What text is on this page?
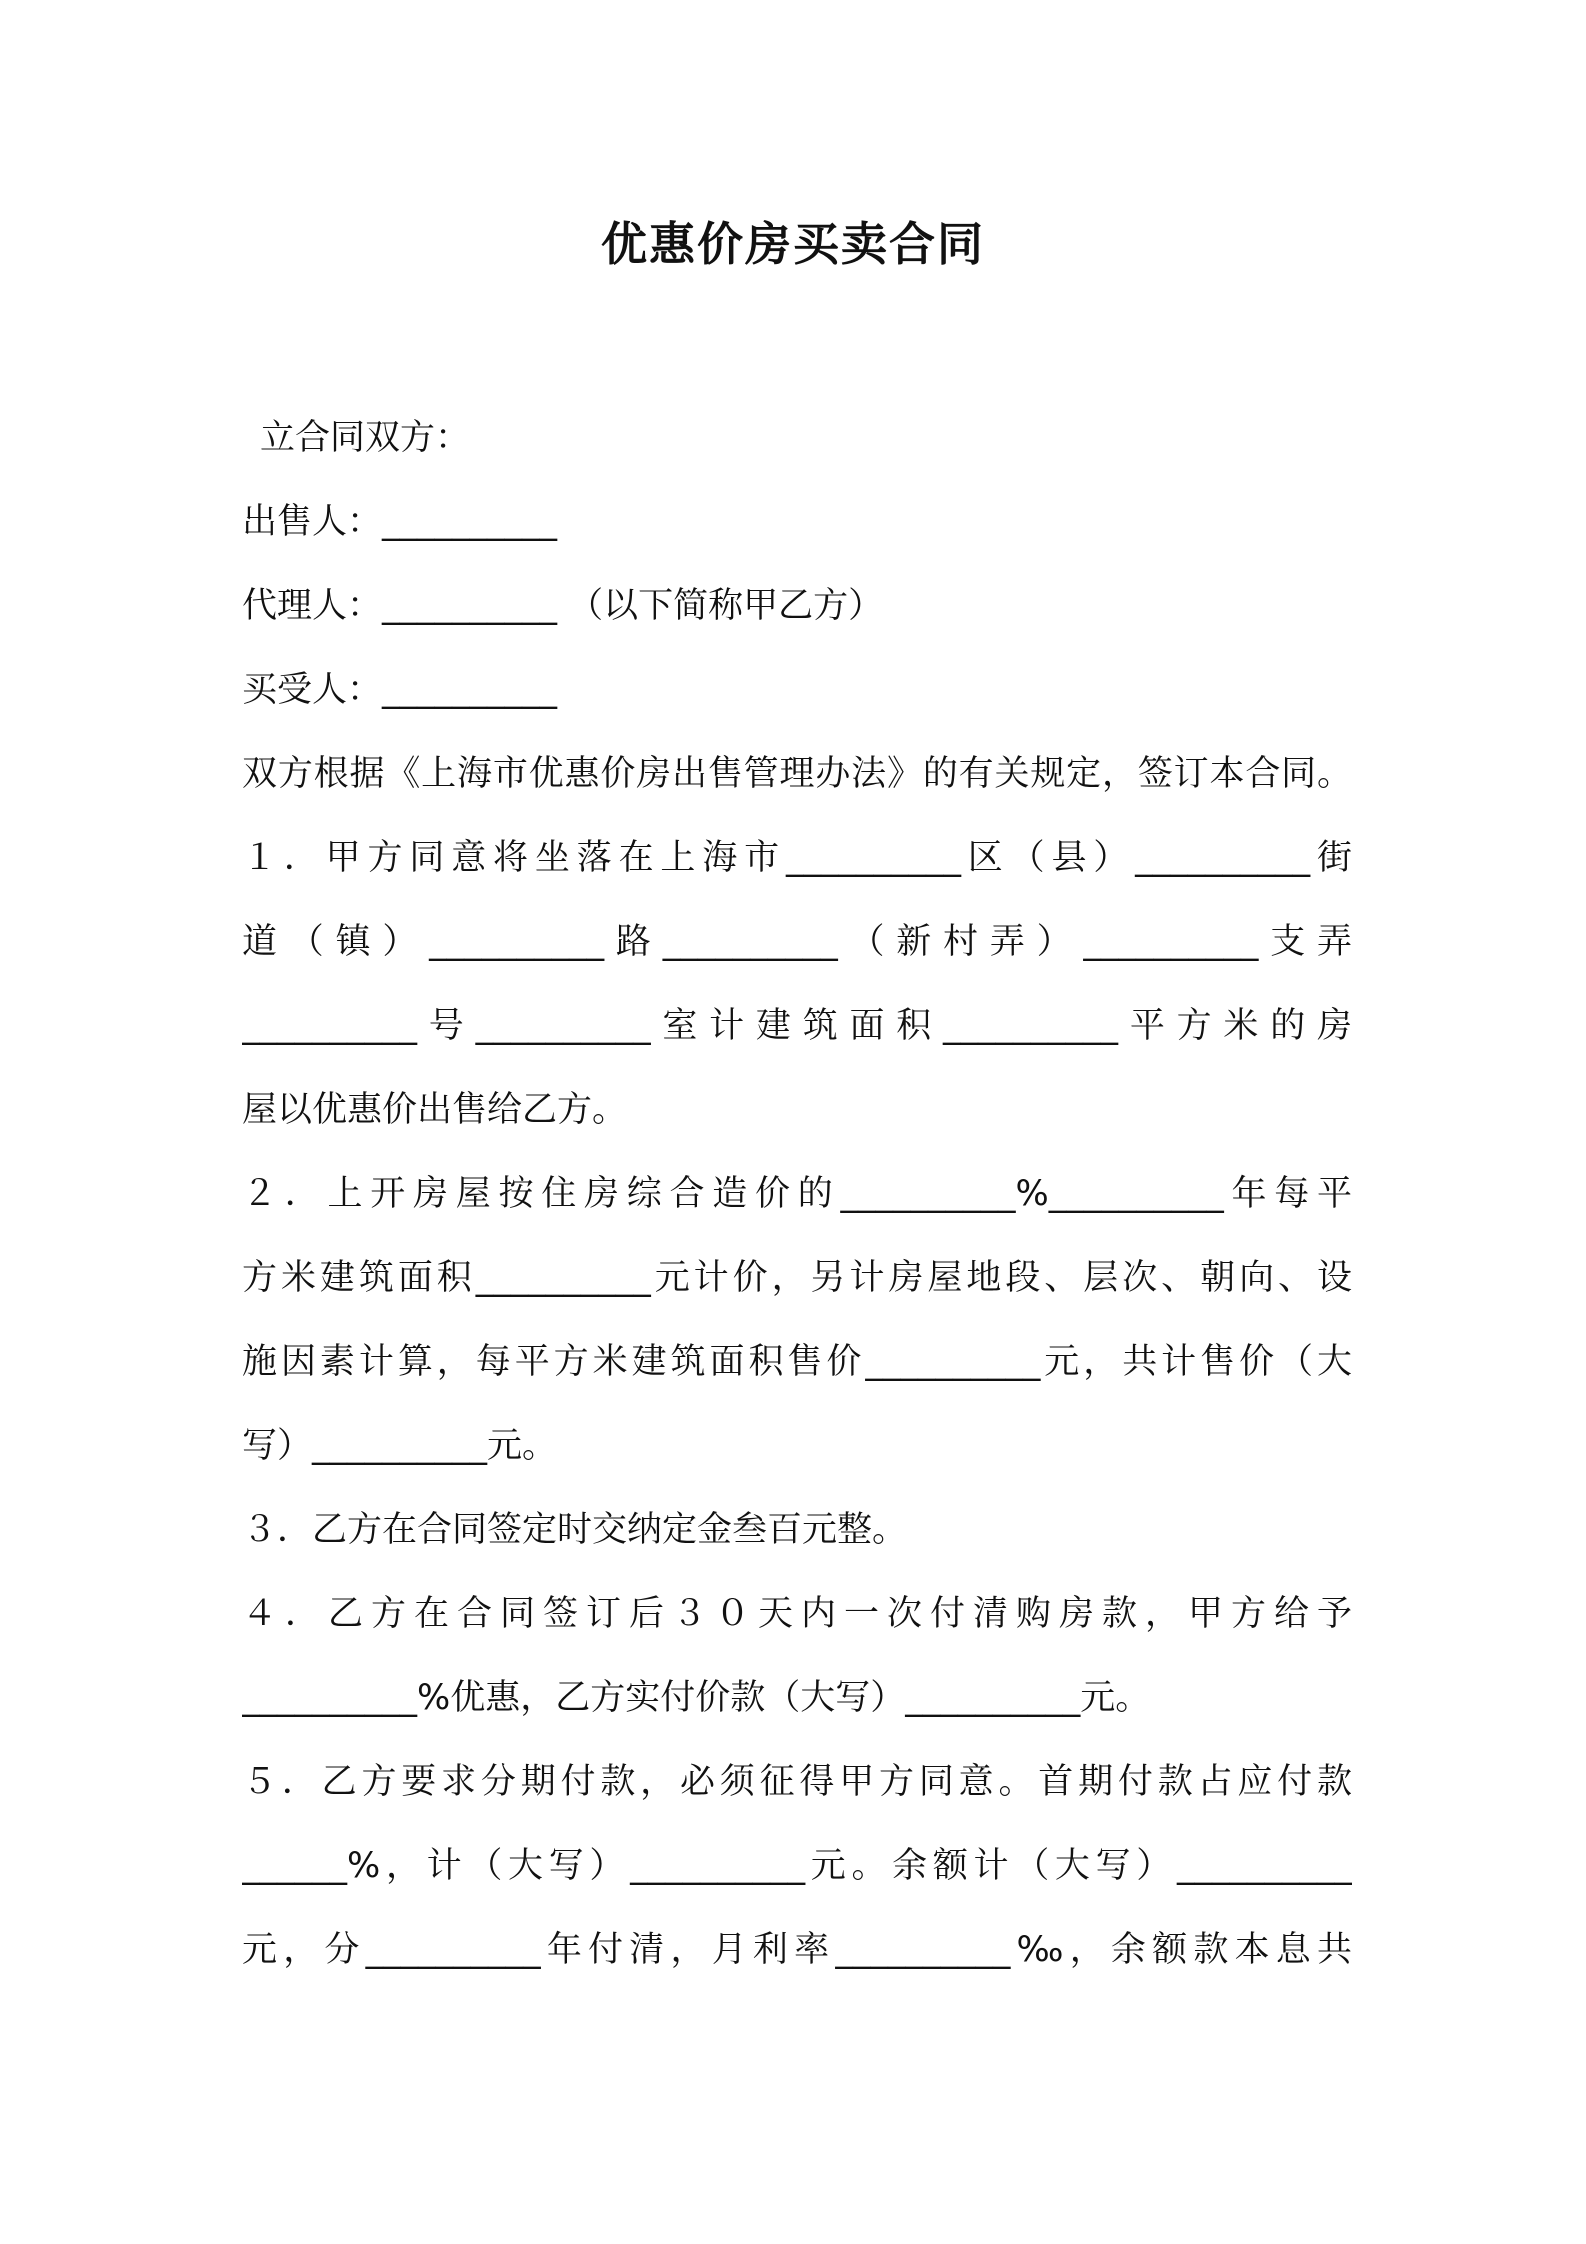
优惠价房买卖合同
立合同双方：
出售人：__________
代理人：__________ （以下简称甲乙方）
买受人：__________
双方根据《上海市优惠价房出售管理办法》的有关规定，签订本合同。
１．甲方同意将坐落在上海市__________区（县）__________街
道（镇）__________路__________（新村弄）__________支弄
__________号__________室计建筑面积__________平方米的房
屋以优惠价出售给乙方。
２．上开房屋按住房综合造价的__________%__________年每平
方米建筑面积__________元计价，另计房屋地段、层次、朝向、设
施因素计算，每平方米建筑面积售价__________元，共计售价（大
写）__________元。
３．乙方在合同签定时交纳定金叁百元整。
４．乙方在合同签订后３０天内一次付清购房款，甲方给予
__________%优惠，乙方实付价款（大写）__________元。
５．乙方要求分期付款，必须征得甲方同意。首期付款占应付款
______%，计（大写）__________元。余额计（大写）__________
元，分__________年付清，月利率__________‰，余额款本息共
